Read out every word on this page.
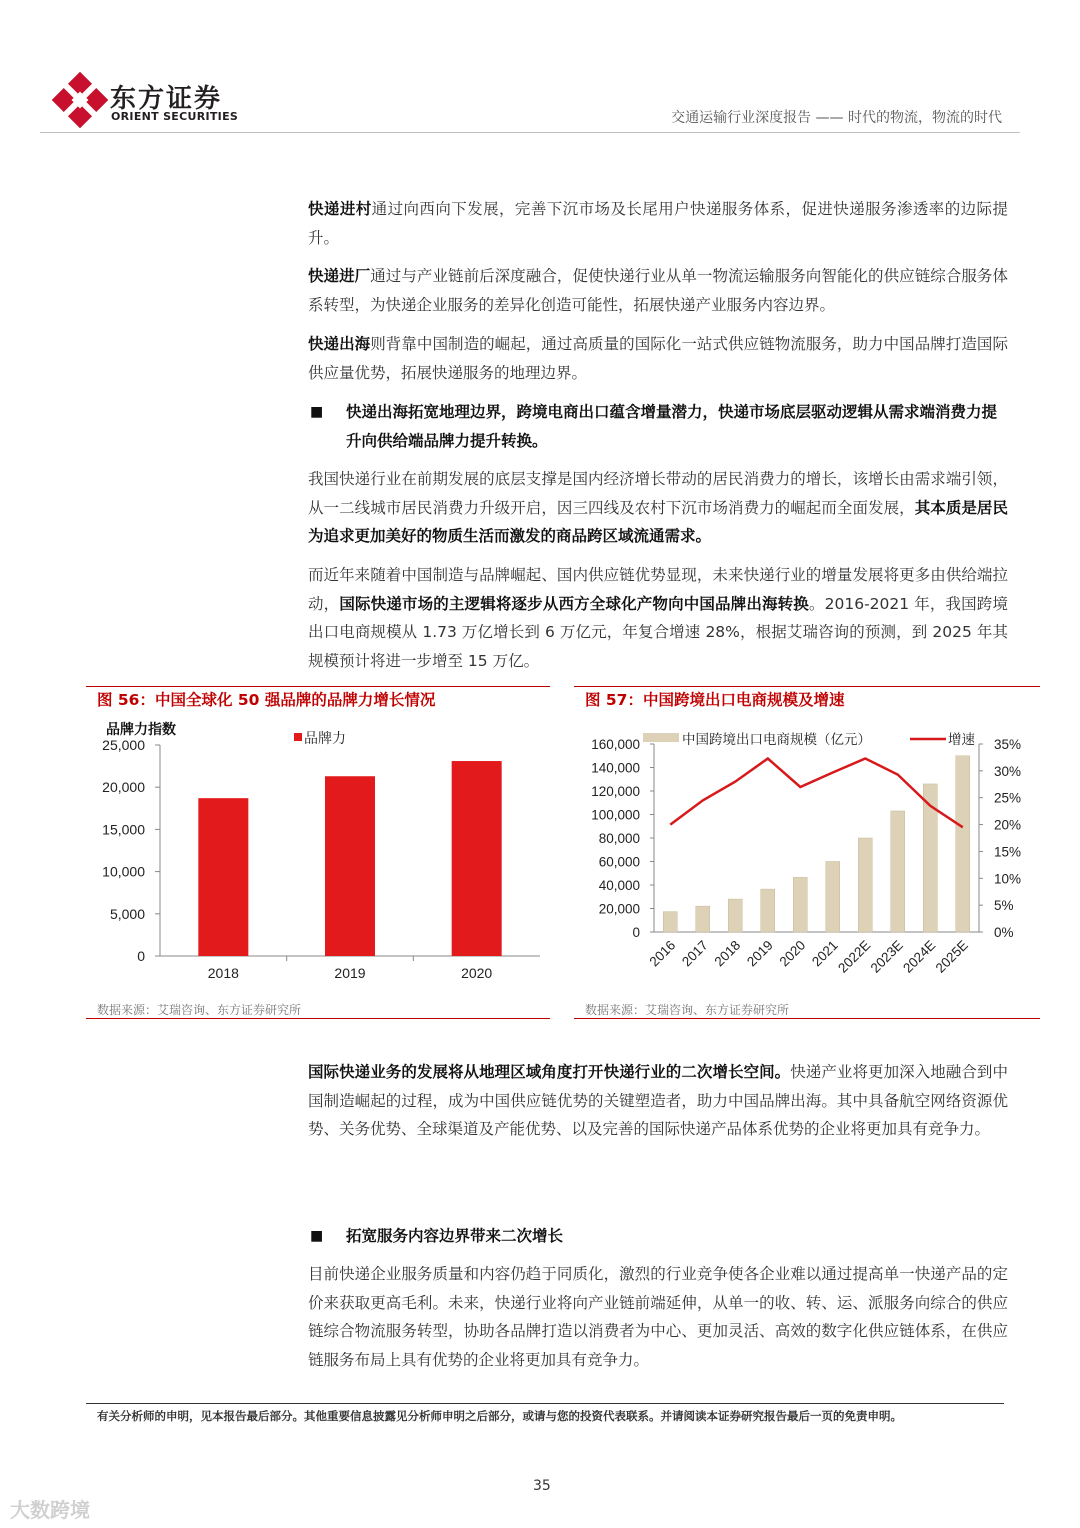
东方证券
ORIENT SECURITIES	交通运输行业深度报告 —— 时代的物流，物流的时代
快递进村通过向西向下发展，完善下沉市场及长尾用户快递服务体系，促进快递服务渗透率的边际提升。
快递进厂通过与产业链前后深度融合，促使快递行业从单一物流运输服务向智能化的供应链综合服务体系转型，为快递企业服务的差异化创造可能性，拓展快递产业服务内容边界。
快递出海则背靠中国制造的崛起，通过高质量的国际化一站式供应链物流服务，助力中国品牌打造国际供应量优势，拓展快递服务的地理边界。
■ 快递出海拓宽地理边界，跨境电商出口蕴含增量潜力，快递市场底层驱动逻辑从需求端消费力提升向供给端品牌力提升转换。
我国快递行业在前期发展的底层支撑是国内经济增长带动的居民消费力的增长，该增长由需求端引领，从一二线城市居民消费力升级开启，因三四线及农村下沉市场消费力的崛起而全面发展，其本质是居民为追求更加美好的物质生活而激发的商品跨区域流通需求。
而近年来随着中国制造与品牌崛起、国内供应链优势显现，未来快递行业的增量发展将更多由供给端拉动，国际快递市场的主逻辑将逐步从西方全球化产物向中国品牌出海转换。2016-2021 年，我国跨境出口电商规模从 1.73 万亿增长到 6 万亿元，年复合增速 28%，根据艾瑞咨询的预测，到 2025 年其规模预计将进一步增至 15 万亿。
图 56：中国全球化 50 强品牌的品牌力增长情况
品牌力指数
品牌力
0
5,000
10,000
15,000
20,000
25,000
2018	2019	2020
数据来源：艾瑞咨询、东方证券研究所
图 57：中国跨境出口电商规模及增速
中国跨境出口电商规模（亿元）	增速
0
20,000
40,000
60,000
80,000
100,000
120,000
140,000
160,000
0%
5%
10%
15%
20%
25%
30%
35%
2016 2017 2018 2019 2020 2021
2022E
2023E
2024E
2025E
数据来源：艾瑞咨询、东方证券研究所
国际快递业务的发展将从地理区域角度打开快递行业的二次增长空间。快递产业将更加深入地融合到中国制造崛起的过程，成为中国供应链优势的关键塑造者，助力中国品牌出海。其中具备航空网络资源优势、关务优势、全球渠道及产能优势、以及完善的国际快递产品体系优势的企业将更加具有竞争力。
■ 拓宽服务内容边界带来二次增长
目前快递企业服务质量和内容仍趋于同质化，激烈的行业竞争使各企业难以通过提高单一快递产品的定价来获取更高毛利。未来，快递行业将向产业链前端延伸，从单一的收、转、运、派服务向综合的供应链综合物流服务转型，协助各品牌打造以消费者为中心、更加灵活、高效的数字化供应链体系，在供应链服务布局上具有优势的企业将更加具有竞争力。
有关分析师的申明，见本报告最后部分。其他重要信息披露见分析师申明之后部分，或请与您的投资代表联系。并请阅读本证券研究报告最后一页的免责申明。
35
大数跨境
